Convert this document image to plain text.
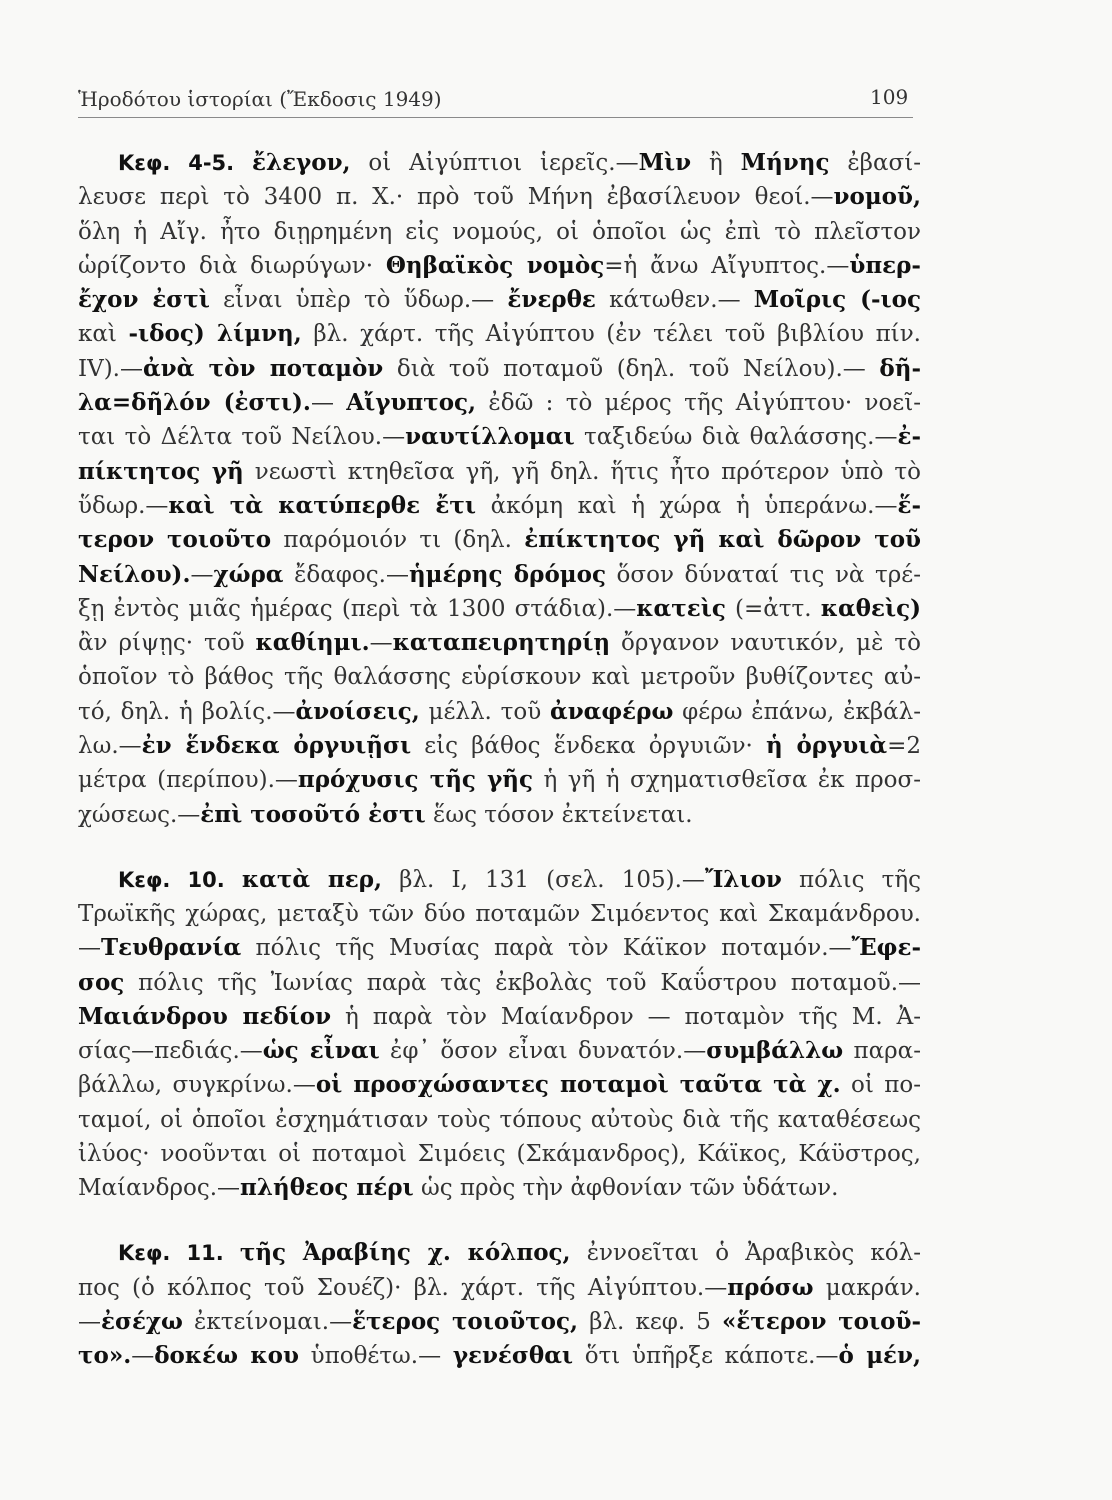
Ἡροδότου ἱστορίαι (Ἔκδοσις 1949)	109
Κεφ. 4-5. ἔλεγον, οἱ Αἰγύπτιοι ἱερεῖς.—Μὶν ἢ Μήνης ἐβασί-
λευσε περὶ τὸ 3400 π. Χ.· πρὸ τοῦ Μήνη ἐβασίλευον θεοί.—νομοῦ,
ὅλη ἡ Αἴγ. ἦτο διῃρημένη εἰς νομούς, οἱ ὁποῖοι ὡς ἐπὶ τὸ πλεῖστον
ὡρίζοντο διὰ διωρύγων· Θηβαϊκὸς νομὸς=ἡ ἄνω Αἴγυπτος.—ὑπερ-
ἔχον ἐστὶ εἶναι ὑπὲρ τὸ ὕδωρ.— ἔνερθε κάτωθεν.— Μοῖρις (-ιος
καὶ -ιδος) λίμνη, βλ. χάρτ. τῆς Αἰγύπτου (ἐν τέλει τοῦ βιβλίου πίν.
IV).—ἀνὰ τὸν ποταμὸν διὰ τοῦ ποταμοῦ (δηλ. τοῦ Νείλου).— δῆ-
λα=δῆλόν (ἐστι).— Αἴγυπτος, ἐδῶ : τὸ μέρος τῆς Αἰγύπτου· νοεῖ-
ται τὸ Δέλτα τοῦ Νείλου.—ναυτίλλομαι ταξιδεύω διὰ θαλάσσης.—ἐ-
πίκτητος γῆ νεωστὶ κτηθεῖσα γῆ, γῆ δηλ. ἥτις ἦτο πρότερον ὑπὸ τὸ
ὕδωρ.—καὶ τὰ κατύπερθε ἔτι ἀκόμη καὶ ἡ χώρα ἡ ὑπεράνω.—ἕ-
τερον τοιοῦτο παρόμοιόν τι (δηλ. ἐπίκτητος γῆ καὶ δῶρον τοῦ
Νείλου).—χώρα ἔδαφος.—ἡμέρης δρόμος ὅσον δύναταί τις νὰ τρέ-
ξῃ ἐντὸς μιᾶς ἡμέρας (περὶ τὰ 1300 στάδια).—κατεὶς (=ἀττ. καθεὶς)
ἂν ρίψῃς· τοῦ καθίημι.—καταπειρητηρίῃ ὄργανον ναυτικόν, μὲ τὸ
ὁποῖον τὸ βάθος τῆς θαλάσσης εὑρίσκουν καὶ μετροῦν βυθίζοντες αὐ-
τό, δηλ. ἡ βολίς.—ἀνοίσεις, μέλλ. τοῦ ἀναφέρω φέρω ἐπάνω, ἐκβάλ-
λω.—ἐν ἕνδεκα ὀργυιῇσι εἰς βάθος ἕνδεκα ὀργυιῶν· ἡ ὀργυιὰ=2
μέτρα (περίπου).—πρόχυσις τῆς γῆς ἡ γῆ ἡ σχηματισθεῖσα ἐκ προσ-
χώσεως.—ἐπὶ τοσοῦτό ἐστι ἕως τόσον ἐκτείνεται.
Κεφ. 10. κατὰ περ, βλ. I, 131 (σελ. 105).—Ἴλιον πόλις τῆς
Τρωϊκῆς χώρας, μεταξὺ τῶν δύο ποταμῶν Σιμόεντος καὶ Σκαμάνδρου.
—Τευθρανία πόλις τῆς Μυσίας παρὰ τὸν Κάϊκον ποταμόν.—Ἔφε-
σος πόλις τῆς Ἰωνίας παρὰ τὰς ἐκβολὰς τοῦ Καΰστρου ποταμοῦ.—
Μαιάνδρου πεδίον ἡ παρὰ τὸν Μαίανδρον — ποταμὸν τῆς Μ. Ἀ-
σίας—πεδιάς.—ὡς εἶναι ἐφ᾽ ὅσον εἶναι δυνατόν.—συμβάλλω παρα-
βάλλω, συγκρίνω.—οἱ προσχώσαντες ποταμοὶ ταῦτα τὰ χ. οἱ πο-
ταμοί, οἱ ὁποῖοι ἐσχημάτισαν τοὺς τόπους αὐτοὺς διὰ τῆς καταθέσεως
ἰλύος· νοοῦνται οἱ ποταμοὶ Σιμόεις (Σκάμανδρος), Κάϊκος, Κάϋστρος,
Μαίανδρος.—πλήθεος πέρι ὡς πρὸς τὴν ἀφθονίαν τῶν ὑδάτων.
Κεφ. 11. τῆς Ἀραβίης χ. κόλπος, ἐννοεῖται ὁ Ἀραβικὸς κόλ-
πος (ὁ κόλπος τοῦ Σουέζ)· βλ. χάρτ. τῆς Αἰγύπτου.—πρόσω μακράν.
—ἐσέχω ἐκτείνομαι.—ἕτερος τοιοῦτος, βλ. κεφ. 5 «ἕτερον τοιοῦ-
το».—δοκέω κου ὑποθέτω.— γενέσθαι ὅτι ὑπῆρξε κάποτε.—ὁ μέν,
